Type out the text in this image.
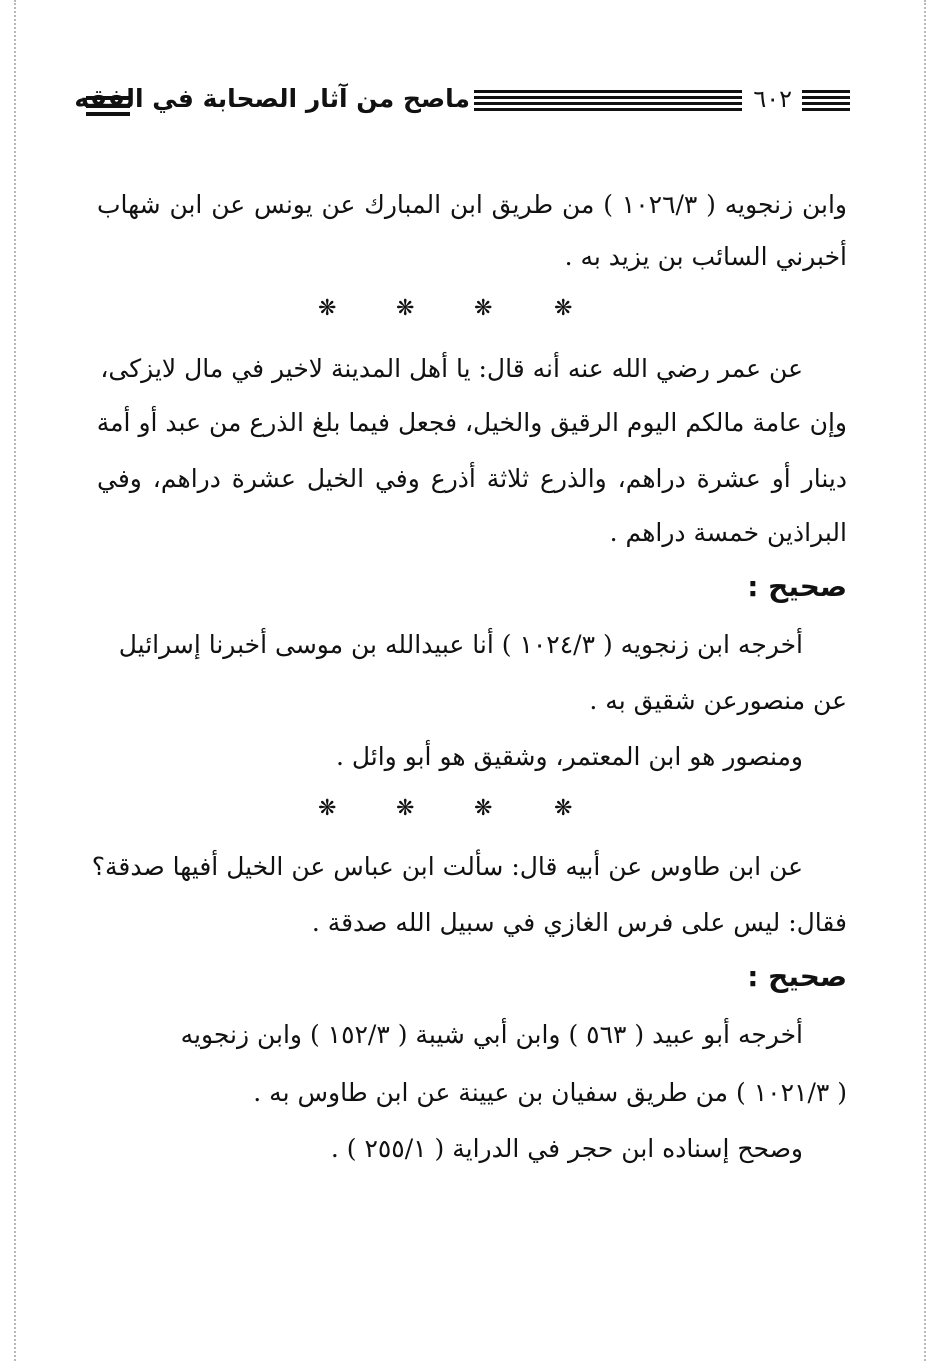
ماصح من آثار الصحابة في الفقه	٦٠٢
وابن زنجويه ( ١٠٢٦/٣ ) من طريق ابن المبارك عن يونس عن ابن شهاب
أخبرني السائب بن يزيد به .
❋	❋	❋	❋
عن عمر رضي الله عنه أنه قال: يا أهل المدينة لاخير في مال لايزكى،
وإن عامة مالكم اليوم الرقيق والخيل، فجعل فيما بلغ الذرع من عبد أو أمة
دينار أو عشرة دراهم، والذرع ثلاثة أذرع وفي الخيل عشرة دراهم، وفي
البراذين خمسة دراهم .
صحيح :
أخرجه ابن زنجويه ( ١٠٢٤/٣ ) أنا عبيدالله بن موسى أخبرنا إسرائيل
عن منصورعن شقيق به .
ومنصور هو ابن المعتمر، وشقيق هو أبو وائل .
❋	❋	❋	❋
عن ابن طاوس عن أبيه قال: سألت ابن عباس عن الخيل أفيها صدقة؟
فقال: ليس على فرس الغازي في سبيل الله صدقة .
صحيح :
أخرجه أبو عبيد ( ٥٦٣ ) وابن أبي شيبة ( ١٥٢/٣ ) وابن زنجويه
( ١٠٢١/٣ ) من طريق سفيان بن عيينة عن ابن طاوس به .
وصحح إسناده ابن حجر في الدراية ( ٢٥٥/١ ) .
